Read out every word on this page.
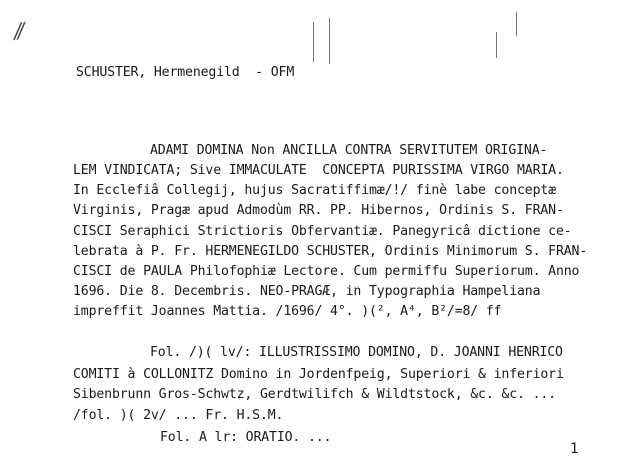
⁄⁄
SCHUSTER, Hermenegild  - OFM
ADAMI DOMINA Non ANCILLA CONTRA SERVITUTEM ORIGINA-
LEM VINDICATA; Sive IMMACULATE  CONCEPTA PURISSIMA VIRGO MARIA.
In Ecclefiâ Collegij, hujus Sacratiffimæ/!/ finè labe conceptæ
Virginis, Pragæ apud Admodùm RR. PP. Hibernos, Ordinis S. FRAN-
CISCI Seraphici Strictioris Obfervantiæ. Panegyricâ dictione ce-
lebrata à P. Fr. HERMENEGILDO SCHUSTER, Ordinis Minimorum S. FRAN-
CISCI de PAULA Philofophiæ Lectore. Cum permiffu Superiorum. Anno
1696. Die 8. Decembris. NEO-PRAGÆ, in Typographia Hampeliana
impreffit Joannes Mattia. /1696/ 4°. )(², A⁴, B²/=8/ ff
Fol. /)( lv/: ILLUSTRISSIMO DOMINO, D. JOANNI HENRICO
COMITI à COLLONITZ Domino in Jordenfpeig, Superiori & inferiori
Sibenbrunn Gros-Schwtz, Gerdtwilifch & Wildtstock, &c. &c. ...
/fol. )( 2v/ ... Fr. H.S.M.
Fol. A lr: ORATIO. ...
1
